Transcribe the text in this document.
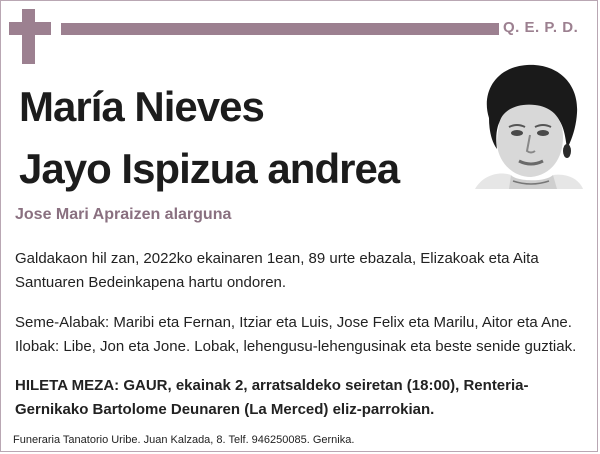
Q. E. P. D.
María Nieves
Jayo Ispizua andrea
Jose Mari Apraizen alarguna
Galdakaon hil zan, 2022ko ekainaren 1ean, 89 urte ebazala, Elizakoak eta Aita Santuaren Bedeinkapena hartu ondoren.
Seme-Alabak: Maribi eta Fernan, Itziar eta Luis, Jose Felix eta Marilu, Aitor eta Ane. Ilobak: Libe, Jon eta Jone. Lobak, lehengusu-lehengusinak eta beste senide guztiak.
HILETA MEZA: GAUR, ekainak 2, arratsaldeko seiretan (18:00), Renteria-Gernikako Bartolome Deunaren (La Merced) eliz-parrokian.
Funeraria Tanatorio Uribe. Juan Kalzada, 8. Telf. 946250085. Gernika.
